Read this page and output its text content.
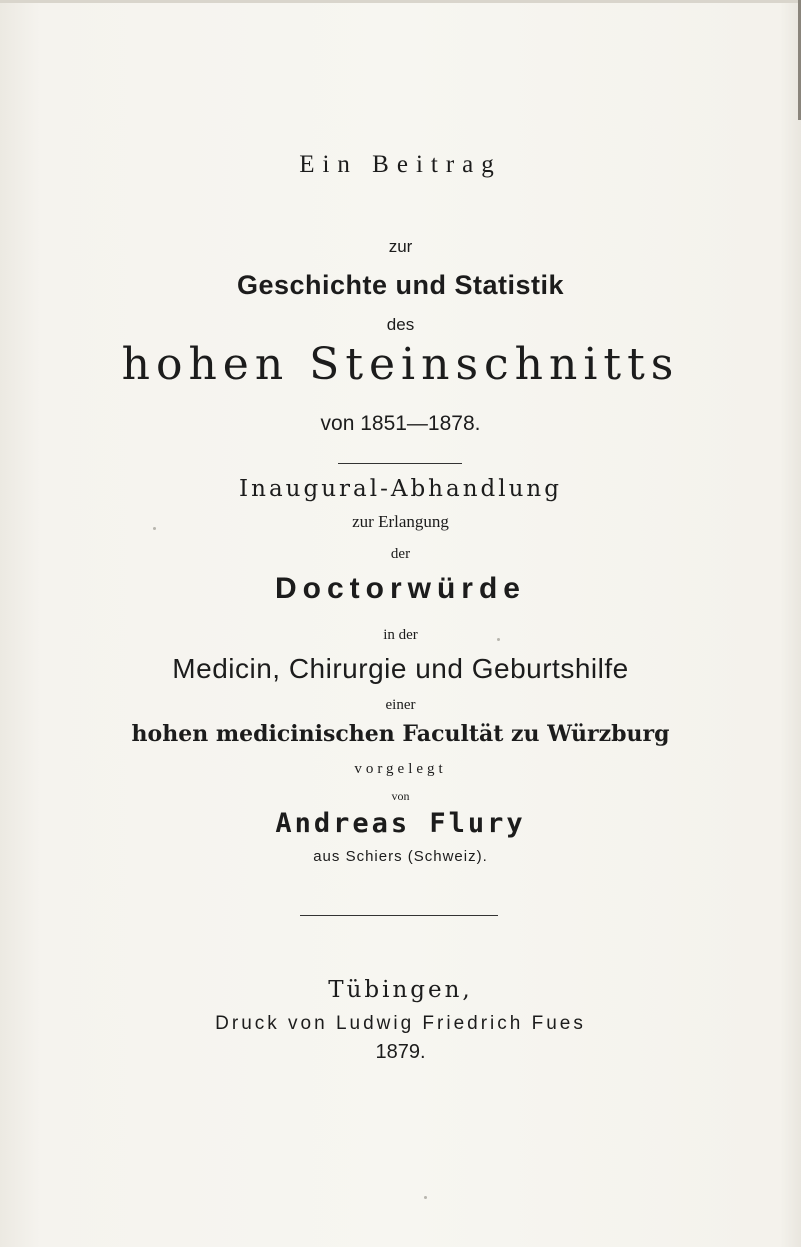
Ein Beitrag
zur
Geschichte und Statistik
des
hohen Steinschnitts
von 1851—1878.
Inaugural-Abhandlung
zur Erlangung
der
Doctorwürde
in der
Medicin, Chirurgie und Geburtshilfe
einer
hohen medicinischen Facultät zu Würzburg
vorgelegt
von
Andreas Flury
aus Schiers (Schweiz).
Tübingen,
Druck von Ludwig Friedrich Fues
1879.
